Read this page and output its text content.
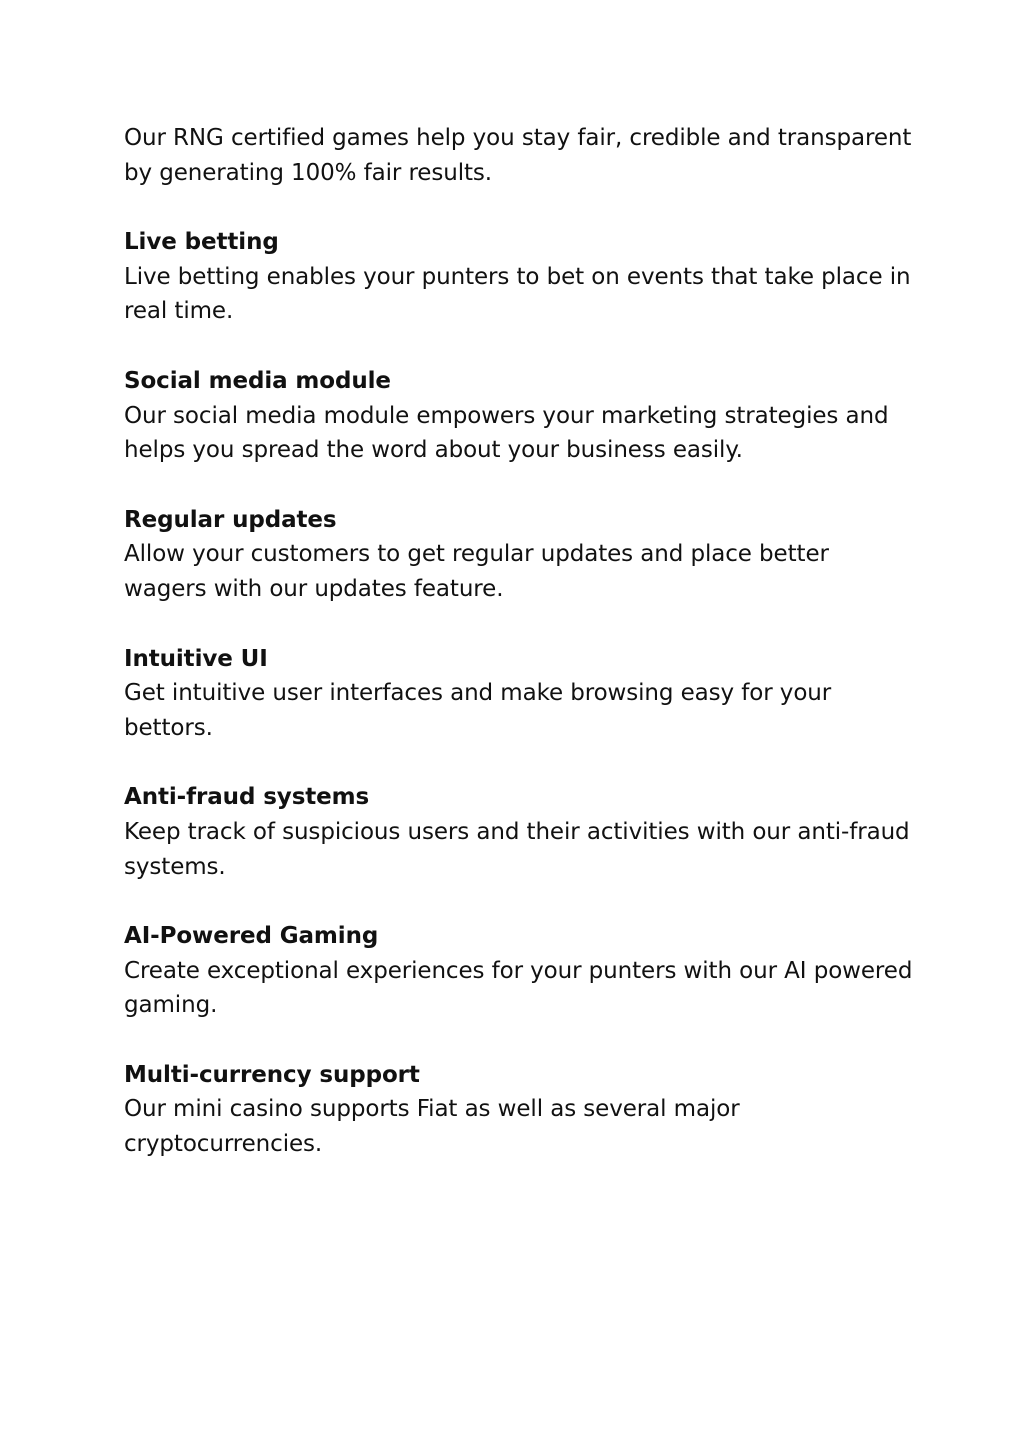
Our RNG certified games help you stay fair, credible and transparent by generating 100% fair results.

Live betting

Live betting enables your punters to bet on events that take place in real time.

Social media module

Our social media module empowers your marketing strategies and helps you spread the word about your business easily.

Regular updates

Allow your customers to get regular updates and place better wagers with our updates feature.

Intuitive UI

Get intuitive user interfaces and make browsing easy for your bettors.

Anti-fraud systems

Keep track of suspicious users and their activities with our anti-fraud systems.

AI-Powered Gaming

Create exceptional experiences for your punters with our AI powered gaming.

Multi-currency support

Our mini casino supports Fiat as well as several major cryptocurrencies.
